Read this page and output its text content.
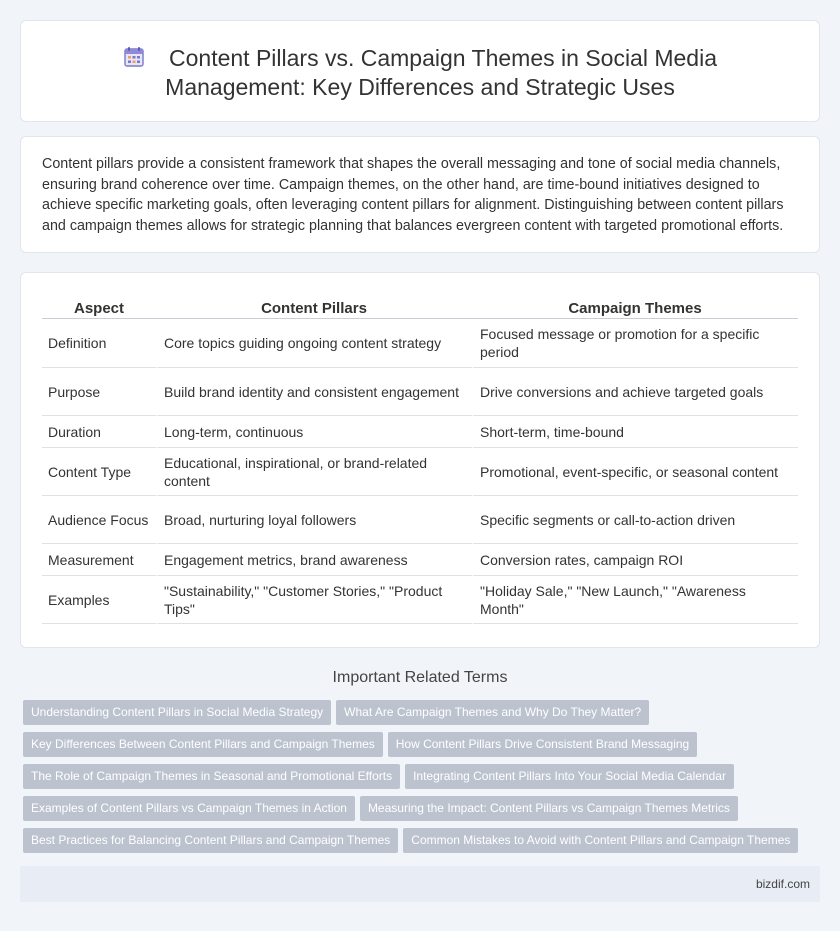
Content Pillars vs. Campaign Themes in Social Media
Management: Key Differences and Strategic Uses

Content pillars provide a consistent framework that shapes the overall messaging and tone of social media channels, ensuring brand coherence over time. Campaign themes, on the other hand, are time-bound initiatives designed to achieve specific marketing goals, often leveraging content pillars for alignment. Distinguishing between content pillars and campaign themes allows for strategic planning that balances evergreen content with targeted promotional efforts.

Aspect	Content Pillars	Campaign Themes
Definition	Core topics guiding ongoing content strategy	Focused message or promotion for a specific period
Purpose	Build brand identity and consistent engagement	Drive conversions and achieve targeted goals
Duration	Long-term, continuous	Short-term, time-bound
Content Type	Educational, inspirational, or brand-related content	Promotional, event-specific, or seasonal content
Audience Focus	Broad, nurturing loyal followers	Specific segments or call-to-action driven
Measurement	Engagement metrics, brand awareness	Conversion rates, campaign ROI
Examples	"Sustainability," "Customer Stories," "Product Tips"	"Holiday Sale," "New Launch," "Awareness Month"
Important Related Terms
Understanding Content Pillars in Social Media Strategy What Are Campaign Themes and Why Do They Matter?
Key Differences Between Content Pillars and Campaign Themes How Content Pillars Drive Consistent Brand Messaging
The Role of Campaign Themes in Seasonal and Promotional Efforts Integrating Content Pillars Into Your Social Media Calendar
Examples of Content Pillars vs Campaign Themes in Action Measuring the Impact: Content Pillars vs Campaign Themes Metrics
Best Practices for Balancing Content Pillars and Campaign Themes Common Mistakes to Avoid with Content Pillars and Campaign Themes
bizdif.com
